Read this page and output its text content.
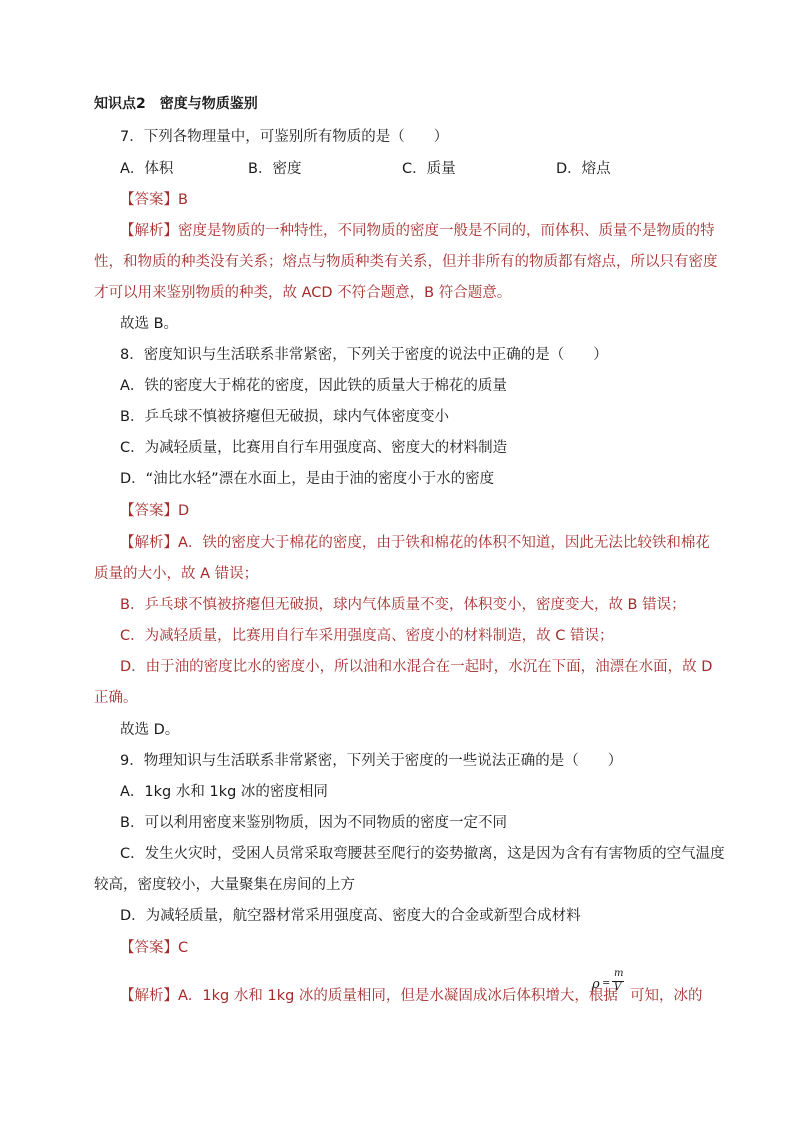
知识点2　密度与物质鉴别
7．下列各物理量中，可鉴别所有物质的是（　　）
A．体积	B．密度	C．质量	D．熔点
【答案】B
【解析】密度是物质的一种特性，不同物质的密度一般是不同的，而体积、质量不是物质的特
性，和物质的种类没有关系；熔点与物质种类有关系，但并非所有的物质都有熔点，所以只有密度
才可以用来鉴别物质的种类，故 ACD 不符合题意，B 符合题意。
故选 B。
8．密度知识与生活联系非常紧密，下列关于密度的说法中正确的是（　　）
A．铁的密度大于棉花的密度，因此铁的质量大于棉花的质量
B．乒乓球不慎被挤瘪但无破损，球内气体密度变小
C．为减轻质量，比赛用自行车用强度高、密度大的材料制造
D．“油比水轻”漂在水面上，是由于油的密度小于水的密度
【答案】D
【解析】A．铁的密度大于棉花的密度，由于铁和棉花的体积不知道，因此无法比较铁和棉花
质量的大小，故 A 错误；
B．乒乓球不慎被挤瘪但无破损，球内气体质量不变，体积变小，密度变大，故 B 错误；
C．为减轻质量，比赛用自行车采用强度高、密度小的材料制造，故 C 错误；
D．由于油的密度比水的密度小，所以油和水混合在一起时，水沉在下面，油漂在水面，故 D
正确。
故选 D。
9．物理知识与生活联系非常紧密，下列关于密度的一些说法正确的是（　　）
A．1kg 水和 1kg 冰的密度相同
B．可以利用密度来鉴别物质，因为不同物质的密度一定不同
C．发生火灾时，受困人员常采取弯腰甚至爬行的姿势撤离，这是因为含有有害物质的空气温度
较高，密度较小，大量聚集在房间的上方
D．为减轻质量，航空器材常采用强度高、密度大的合金或新型合成材料
【答案】C
【解析】A．1kg 水和 1kg 冰的质量相同，但是水凝固成冰后体积增大，根据
ρ =
m
V
可知，冰的
